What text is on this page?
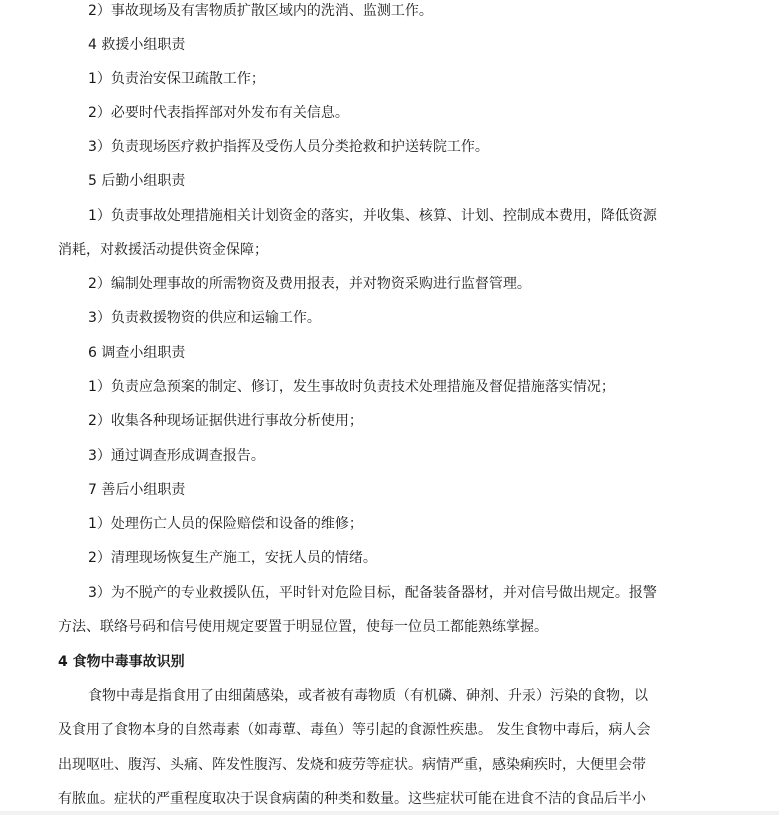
2）事故现场及有害物质扩散区域内的洗消、监测工作。
4 救援小组职责
1）负责治安保卫疏散工作；
2）必要时代表指挥部对外发布有关信息。
3）负责现场医疗救护指挥及受伤人员分类抢救和护送转院工作。
5 后勤小组职责
1）负责事故处理措施相关计划资金的落实，并收集、核算、计划、控制成本费用，降低资源
消耗，对救援活动提供资金保障；
2）编制处理事故的所需物资及费用报表，并对物资采购进行监督管理。
3）负责救援物资的供应和运输工作。
6 调查小组职责
1）负责应急预案的制定、修订，发生事故时负责技术处理措施及督促措施落实情况；
2）收集各种现场证据供进行事故分析使用；
3）通过调查形成调查报告。
7 善后小组职责
1）处理伤亡人员的保险赔偿和设备的维修；
2）清理现场恢复生产施工，安抚人员的情绪。
3）为不脱产的专业救援队伍，平时针对危险目标，配备装备器材，并对信号做出规定。报警
方法、联络号码和信号使用规定要置于明显位置，使每一位员工都能熟练掌握。
4 食物中毒事故识别
食物中毒是指食用了由细菌感染，或者被有毒物质（有机磷、砷剂、升汞）污染的食物，以
及食用了食物本身的自然毒素（如毒蕈、毒鱼）等引起的食源性疾患。 发生食物中毒后，病人会
出现呕吐、腹泻、头痛、阵发性腹泻、发烧和疲劳等症状。病情严重，感染痢疾时，大便里会带
有脓血。症状的严重程度取决于误食病菌的种类和数量。这些症状可能在进食不洁的食品后半小
